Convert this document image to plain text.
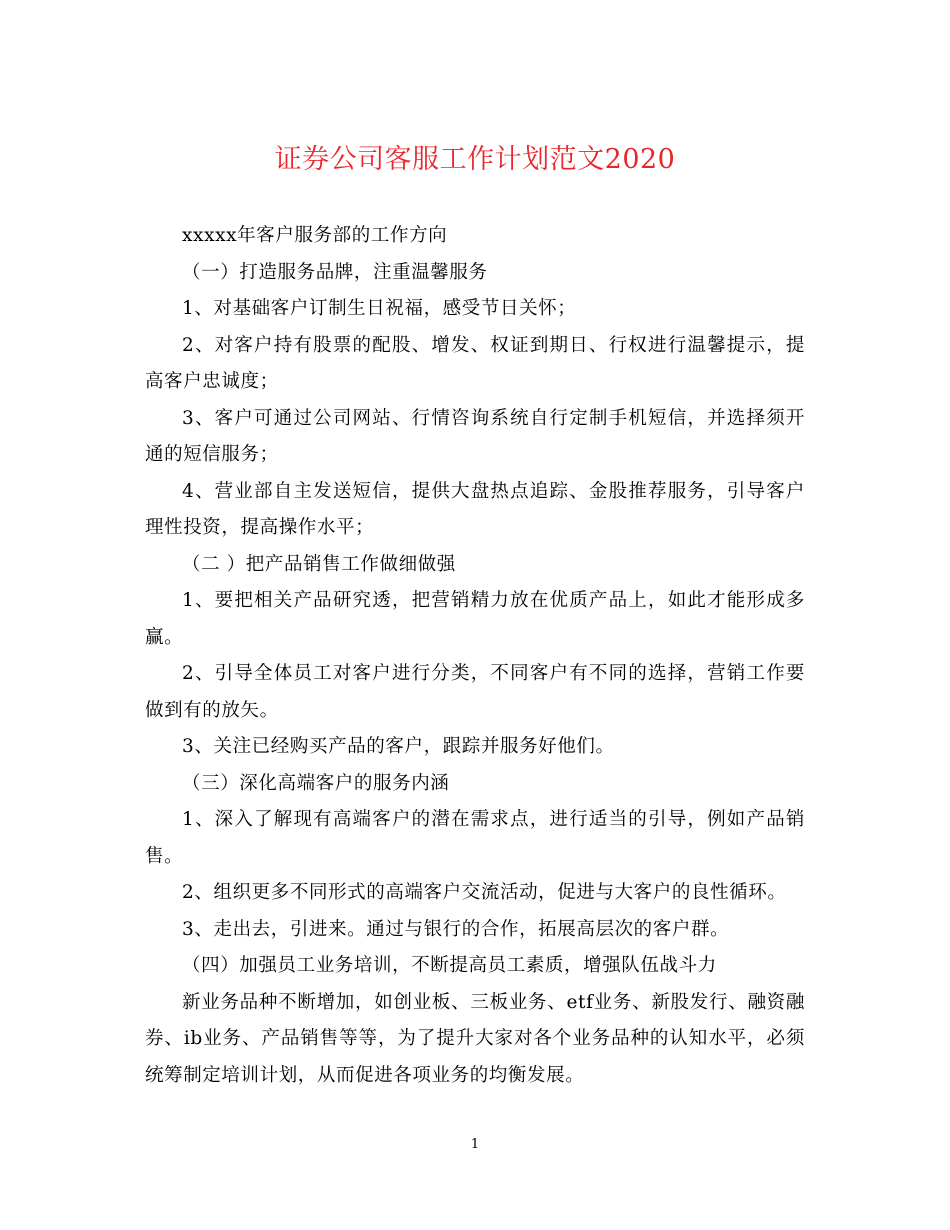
证券公司客服工作计划范文2020

xxxxx年客户服务部的工作方向

（一）打造服务品牌，注重温馨服务

1、对基础客户订制生日祝福，感受节日关怀；

2、对客户持有股票的配股、增发、权证到期日、行权进行温馨提示，提高客户忠诚度；

3、客户可通过公司网站、行情咨询系统自行定制手机短信，并选择须开通的短信服务；

4、营业部自主发送短信，提供大盘热点追踪、金股推荐服务，引导客户理性投资，提高操作水平；

（二 ）把产品销售工作做细做强

1、要把相关产品研究透，把营销精力放在优质产品上，如此才能形成多赢。

2、引导全体员工对客户进行分类，不同客户有不同的选择，营销工作要做到有的放矢。

3、关注已经购买产品的客户，跟踪并服务好他们。

（三）深化高端客户的服务内涵

1、深入了解现有高端客户的潜在需求点，进行适当的引导，例如产品销售。

2、组织更多不同形式的高端客户交流活动，促进与大客户的良性循环。

3、走出去，引进来。通过与银行的合作，拓展高层次的客户群。

（四）加强员工业务培训，不断提高员工素质，增强队伍战斗力

新业务品种不断增加，如创业板、三板业务、etf业务、新股发行、融资融券、ib业务、产品销售等等，为了提升大家对各个业务品种的认知水平，必须统筹制定培训计划，从而促进各项业务的均衡发展。

1
